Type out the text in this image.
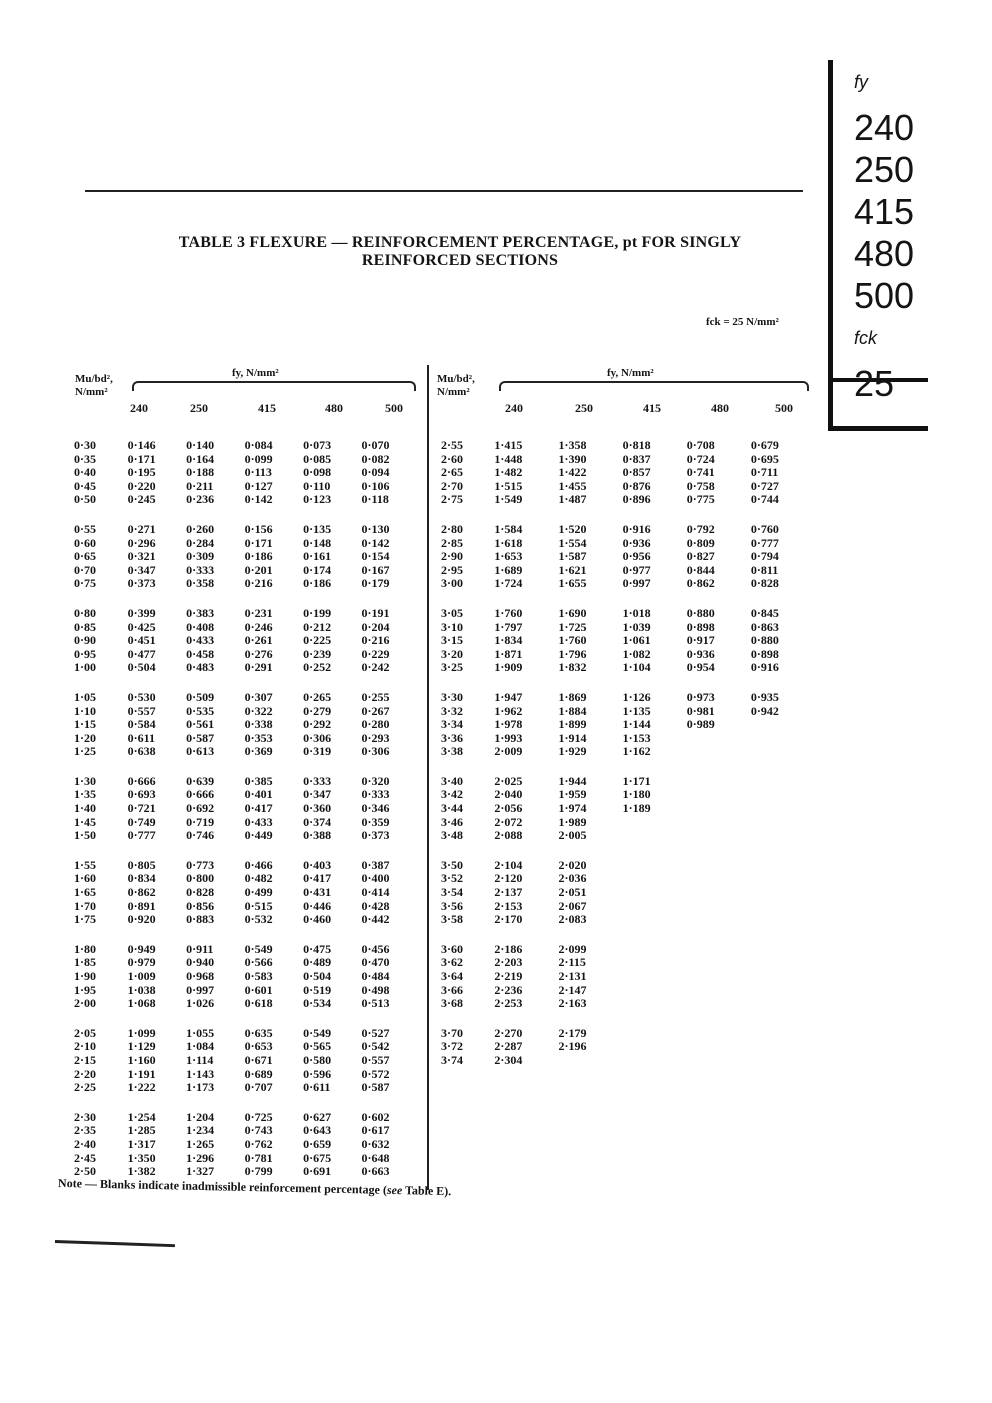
fy
240
250
415
480
500
fck
25
TABLE 3 FLEXURE — REINFORCEMENT PERCENTAGE, pt FOR SINGLY
REINFORCED SECTIONS
fck = 25 N/mm²
Mu/bd²,
N/mm²
fy, N/mm²
240	250	415	480	500
0·30	0·146	0·140	0·084	0·073	0·070
0·35	0·171	0·164	0·099	0·085	0·082
0·40	0·195	0·188	0·113	0·098	0·094
0·45	0·220	0·211	0·127	0·110	0·106
0·50	0·245	0·236	0·142	0·123	0·118
0·55	0·271	0·260	0·156	0·135	0·130
0·60	0·296	0·284	0·171	0·148	0·142
0·65	0·321	0·309	0·186	0·161	0·154
0·70	0·347	0·333	0·201	0·174	0·167
0·75	0·373	0·358	0·216	0·186	0·179
0·80	0·399	0·383	0·231	0·199	0·191
0·85	0·425	0·408	0·246	0·212	0·204
0·90	0·451	0·433	0·261	0·225	0·216
0·95	0·477	0·458	0·276	0·239	0·229
1·00	0·504	0·483	0·291	0·252	0·242
1·05	0·530	0·509	0·307	0·265	0·255
1·10	0·557	0·535	0·322	0·279	0·267
1·15	0·584	0·561	0·338	0·292	0·280
1·20	0·611	0·587	0·353	0·306	0·293
1·25	0·638	0·613	0·369	0·319	0·306
1·30	0·666	0·639	0·385	0·333	0·320
1·35	0·693	0·666	0·401	0·347	0·333
1·40	0·721	0·692	0·417	0·360	0·346
1·45	0·749	0·719	0·433	0·374	0·359
1·50	0·777	0·746	0·449	0·388	0·373
1·55	0·805	0·773	0·466	0·403	0·387
1·60	0·834	0·800	0·482	0·417	0·400
1·65	0·862	0·828	0·499	0·431	0·414
1·70	0·891	0·856	0·515	0·446	0·428
1·75	0·920	0·883	0·532	0·460	0·442
1·80	0·949	0·911	0·549	0·475	0·456
1·85	0·979	0·940	0·566	0·489	0·470
1·90	1·009	0·968	0·583	0·504	0·484
1·95	1·038	0·997	0·601	0·519	0·498
2·00	1·068	1·026	0·618	0·534	0·513
2·05	1·099	1·055	0·635	0·549	0·527
2·10	1·129	1·084	0·653	0·565	0·542
2·15	1·160	1·114	0·671	0·580	0·557
2·20	1·191	1·143	0·689	0·596	0·572
2·25	1·222	1·173	0·707	0·611	0·587
2·30	1·254	1·204	0·725	0·627	0·602
2·35	1·285	1·234	0·743	0·643	0·617
2·40	1·317	1·265	0·762	0·659	0·632
2·45	1·350	1·296	0·781	0·675	0·648
2·50	1·382	1·327	0·799	0·691	0·663
Mu/bd²,
N/mm²
fy, N/mm²
240	250	415	480	500
2·55	1·415	1·358	0·818	0·708	0·679
2·60	1·448	1·390	0·837	0·724	0·695
2·65	1·482	1·422	0·857	0·741	0·711
2·70	1·515	1·455	0·876	0·758	0·727
2·75	1·549	1·487	0·896	0·775	0·744
2·80	1·584	1·520	0·916	0·792	0·760
2·85	1·618	1·554	0·936	0·809	0·777
2·90	1·653	1·587	0·956	0·827	0·794
2·95	1·689	1·621	0·977	0·844	0·811
3·00	1·724	1·655	0·997	0·862	0·828
3·05	1·760	1·690	1·018	0·880	0·845
3·10	1·797	1·725	1·039	0·898	0·863
3·15	1·834	1·760	1·061	0·917	0·880
3·20	1·871	1·796	1·082	0·936	0·898
3·25	1·909	1·832	1·104	0·954	0·916
3·30	1·947	1·869	1·126	0·973	0·935
3·32	1·962	1·884	1·135	0·981	0·942
3·34	1·978	1·899	1·144	0·989
3·36	1·993	1·914	1·153
3·38	2·009	1·929	1·162
3·40	2·025	1·944	1·171
3·42	2·040	1·959	1·180
3·44	2·056	1·974	1·189
3·46	2·072	1·989
3·48	2·088	2·005
3·50	2·104	2·020
3·52	2·120	2·036
3·54	2·137	2·051
3·56	2·153	2·067
3·58	2·170	2·083
3·60	2·186	2·099
3·62	2·203	2·115
3·64	2·219	2·131
3·66	2·236	2·147
3·68	2·253	2·163
3·70	2·270	2·179
3·72	2·287	2·196
3·74	2·304
Note — Blanks indicate inadmissible reinforcement percentage (see Table E).
